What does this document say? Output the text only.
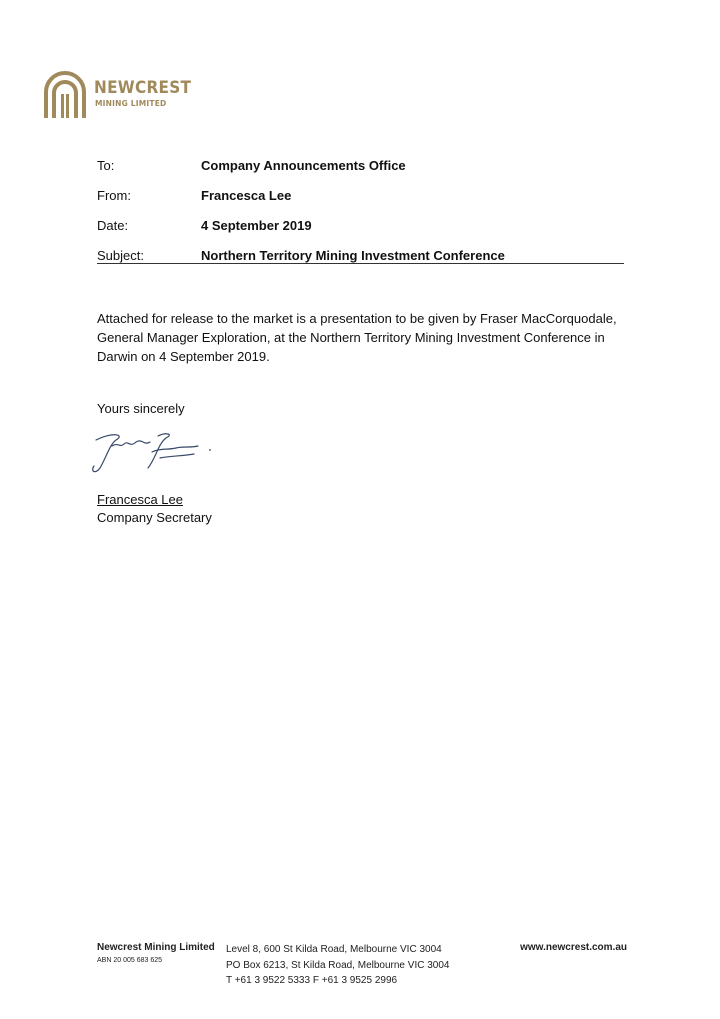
NEWCREST
MINING LIMITED
To:	Company Announcements Office
From:	Francesca Lee
Date:	4 September 2019
Subject:	Northern Territory Mining Investment Conference
Attached for release to the market is a presentation to be given by Fraser MacCorquodale, General Manager Exploration, at the Northern Territory Mining Investment Conference in Darwin on 4 September 2019.
Yours sincerely
Francesca Lee
Company Secretary
Newcrest Mining Limited
ABN 20 005 683 625
Level 8, 600 St Kilda Road, Melbourne VIC 3004
PO Box 6213, St Kilda Road, Melbourne VIC 3004
T +61 3 9522 5333 F +61 3 9525 2996
www.newcrest.com.au
